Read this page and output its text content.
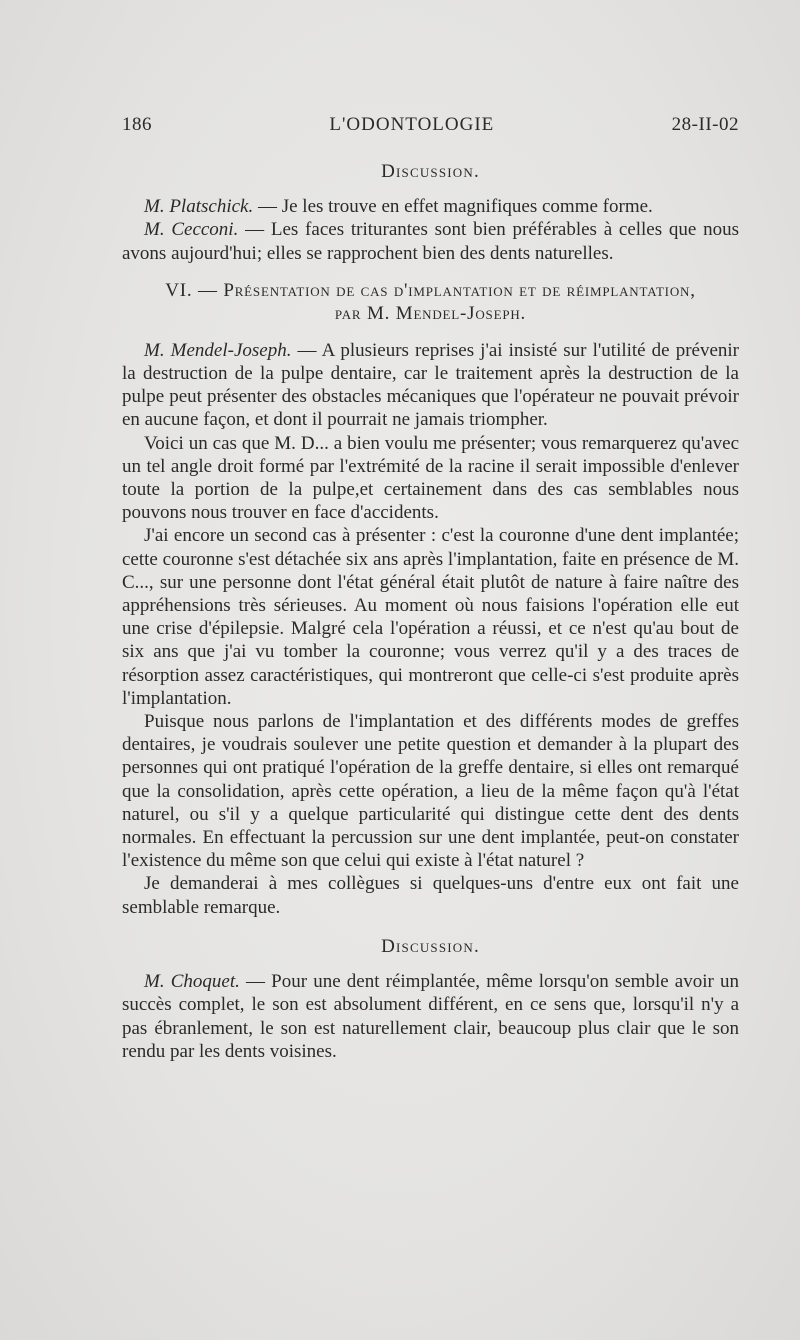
186	L'ODONTOLOGIE	28-II-02
Discussion.

M. Platschick. — Je les trouve en effet magnifiques comme forme.

M. Cecconi. — Les faces triturantes sont bien préférables à celles que nous avons aujourd'hui; elles se rapprochent bien des dents naturelles.

VI. — Présentation de cas d'implantation et de réimplantation,
par M. Mendel-Joseph.

M. Mendel-Joseph. — A plusieurs reprises j'ai insisté sur l'utilité de prévenir la destruction de la pulpe dentaire, car le traitement après la destruction de la pulpe peut présenter des obstacles mécaniques que l'opérateur ne pouvait prévoir en aucune façon, et dont il pourrait ne jamais triompher.

Voici un cas que M. D... a bien voulu me présenter; vous remarquerez qu'avec un tel angle droit formé par l'extrémité de la racine il serait impossible d'enlever toute la portion de la pulpe,et certainement dans des cas semblables nous pouvons nous trouver en face d'accidents.

J'ai encore un second cas à présenter : c'est la couronne d'une dent implantée; cette couronne s'est détachée six ans après l'implantation, faite en présence de M. C..., sur une personne dont l'état général était plutôt de nature à faire naître des appréhensions très sérieuses. Au moment où nous faisions l'opération elle eut une crise d'épilepsie. Malgré cela l'opération a réussi, et ce n'est qu'au bout de six ans que j'ai vu tomber la couronne; vous verrez qu'il y a des traces de résorption assez caractéristiques, qui montreront que celle-ci s'est produite après l'implantation.

Puisque nous parlons de l'implantation et des différents modes de greffes dentaires, je voudrais soulever une petite question et demander à la plupart des personnes qui ont pratiqué l'opération de la greffe dentaire, si elles ont remarqué que la consolidation, après cette opération, a lieu de la même façon qu'à l'état naturel, ou s'il y a quelque particularité qui distingue cette dent des dents normales. En effectuant la percussion sur une dent implantée, peut-on constater l'existence du même son que celui qui existe à l'état naturel ?

Je demanderai à mes collègues si quelques-uns d'entre eux ont fait une semblable remarque.

Discussion.

M. Choquet. — Pour une dent réimplantée, même lorsqu'on semble avoir un succès complet, le son est absolument différent, en ce sens que, lorsqu'il n'y a pas ébranlement, le son est naturellement clair, beaucoup plus clair que le son rendu par les dents voisines.
